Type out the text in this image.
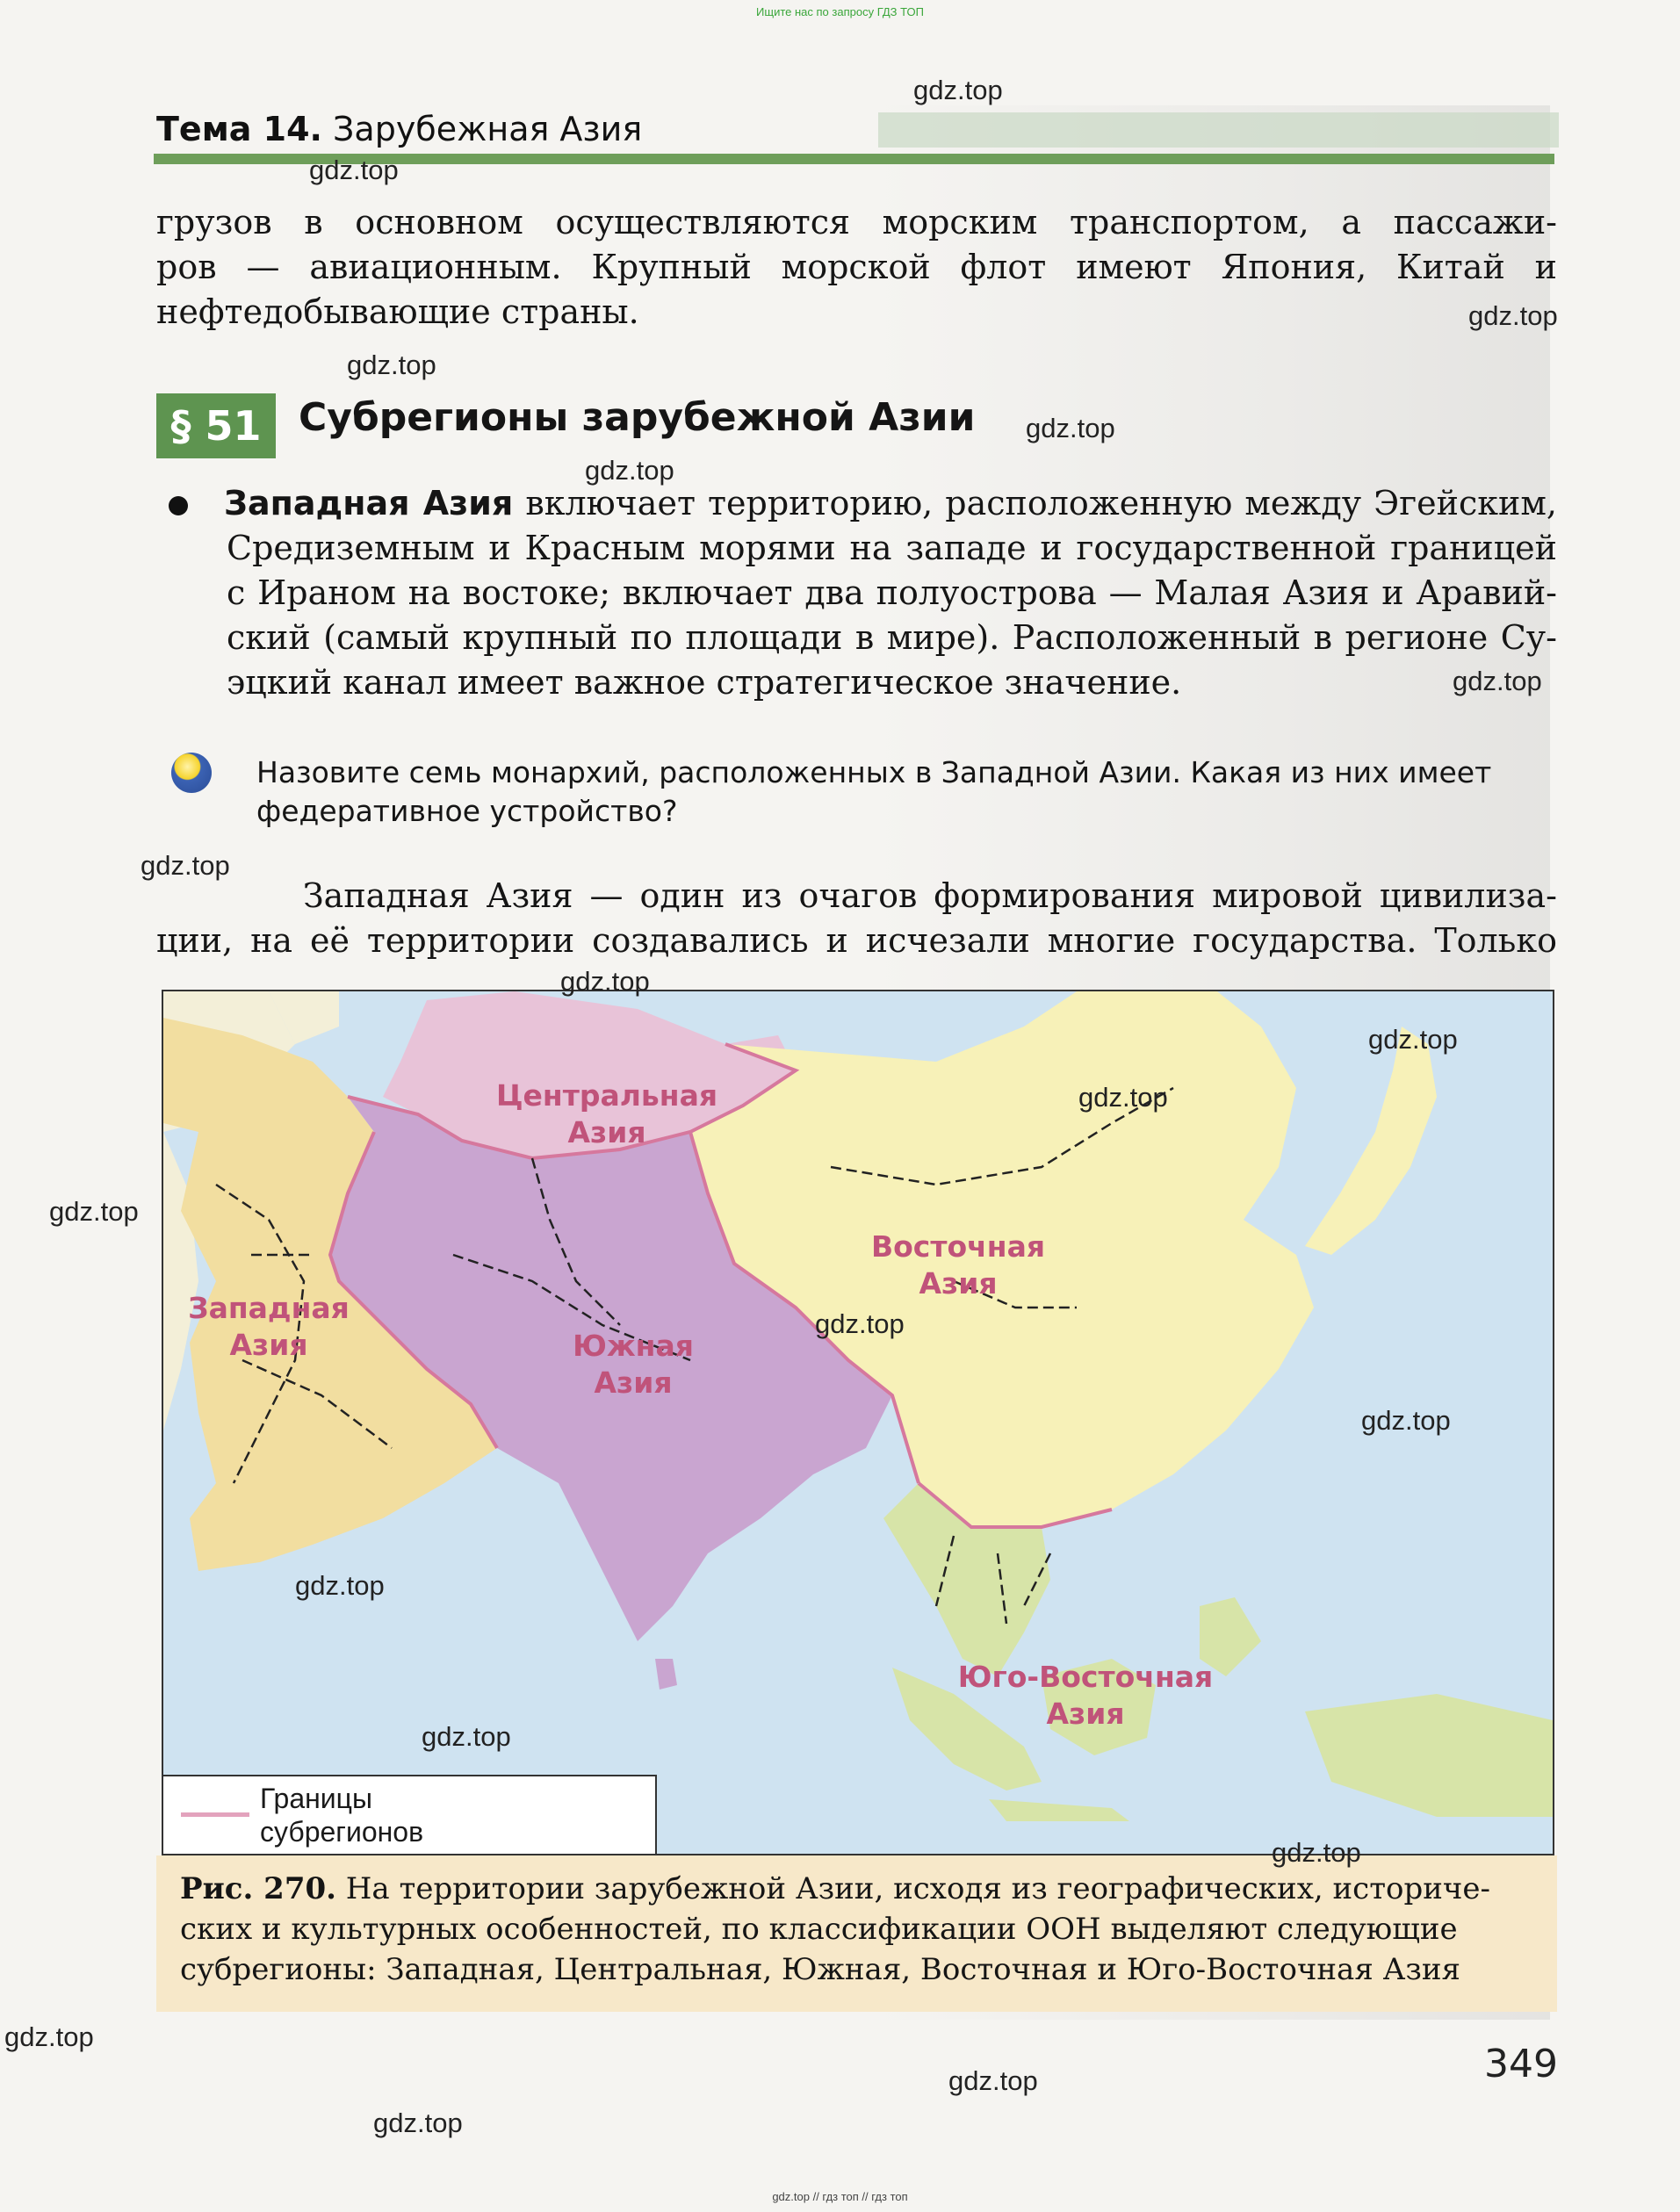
Ищите нас по запросу ГДЗ ТОП
Тема 14. Зарубежная Азия
грузов в основном осуществляются морским транспортом, а пассажи-
ров — авиационным. Крупный морской флот имеют Япония, Китай и
нефтедобывающие страны.
§ 51 Субрегионы зарубежной Азии
Западная Азия включает территорию, расположенную между Эгейским,
Средиземным и Красным морями на западе и государственной границей
с Ираном на востоке; включает два полуострова — Малая Азия и Аравий-
ский (самый крупный по площади в мире). Расположенный в регионе Су-
эцкий канал имеет важное стратегическое значение.
Назовите семь монархий, расположенных в Западной Азии. Какая из них имеет
федеративное устройство?
Западная Азия — один из очагов формирования мировой цивилиза-
ции, на её территории создавались и исчезали многие государства. Только
Центральная
Азия
Восточная
Азия
Западная
Азия	Южная
Азия
Юго-Восточная
Азия
Границы
субрегионов
Рис. 270. На территории зарубежной Азии, исходя из географических, историче-
ских и культурных особенностей, по классификации ООН выделяют следующие
субрегионы: Западная, Центральная, Южная, Восточная и Юго-Восточная Азия
349
gdz.top
gdz.top
gdz.top
gdz.top
gdz.top
gdz.top
gdz.top
gdz.top
gdz.top
gdz.top
gdz.top
gdz.top
gdz.top
gdz.top
gdz.top
gdz.top
gdz.top
gdz.top
gdz.top
gdz.top
gdz.top // гдз топ // гдз топ
